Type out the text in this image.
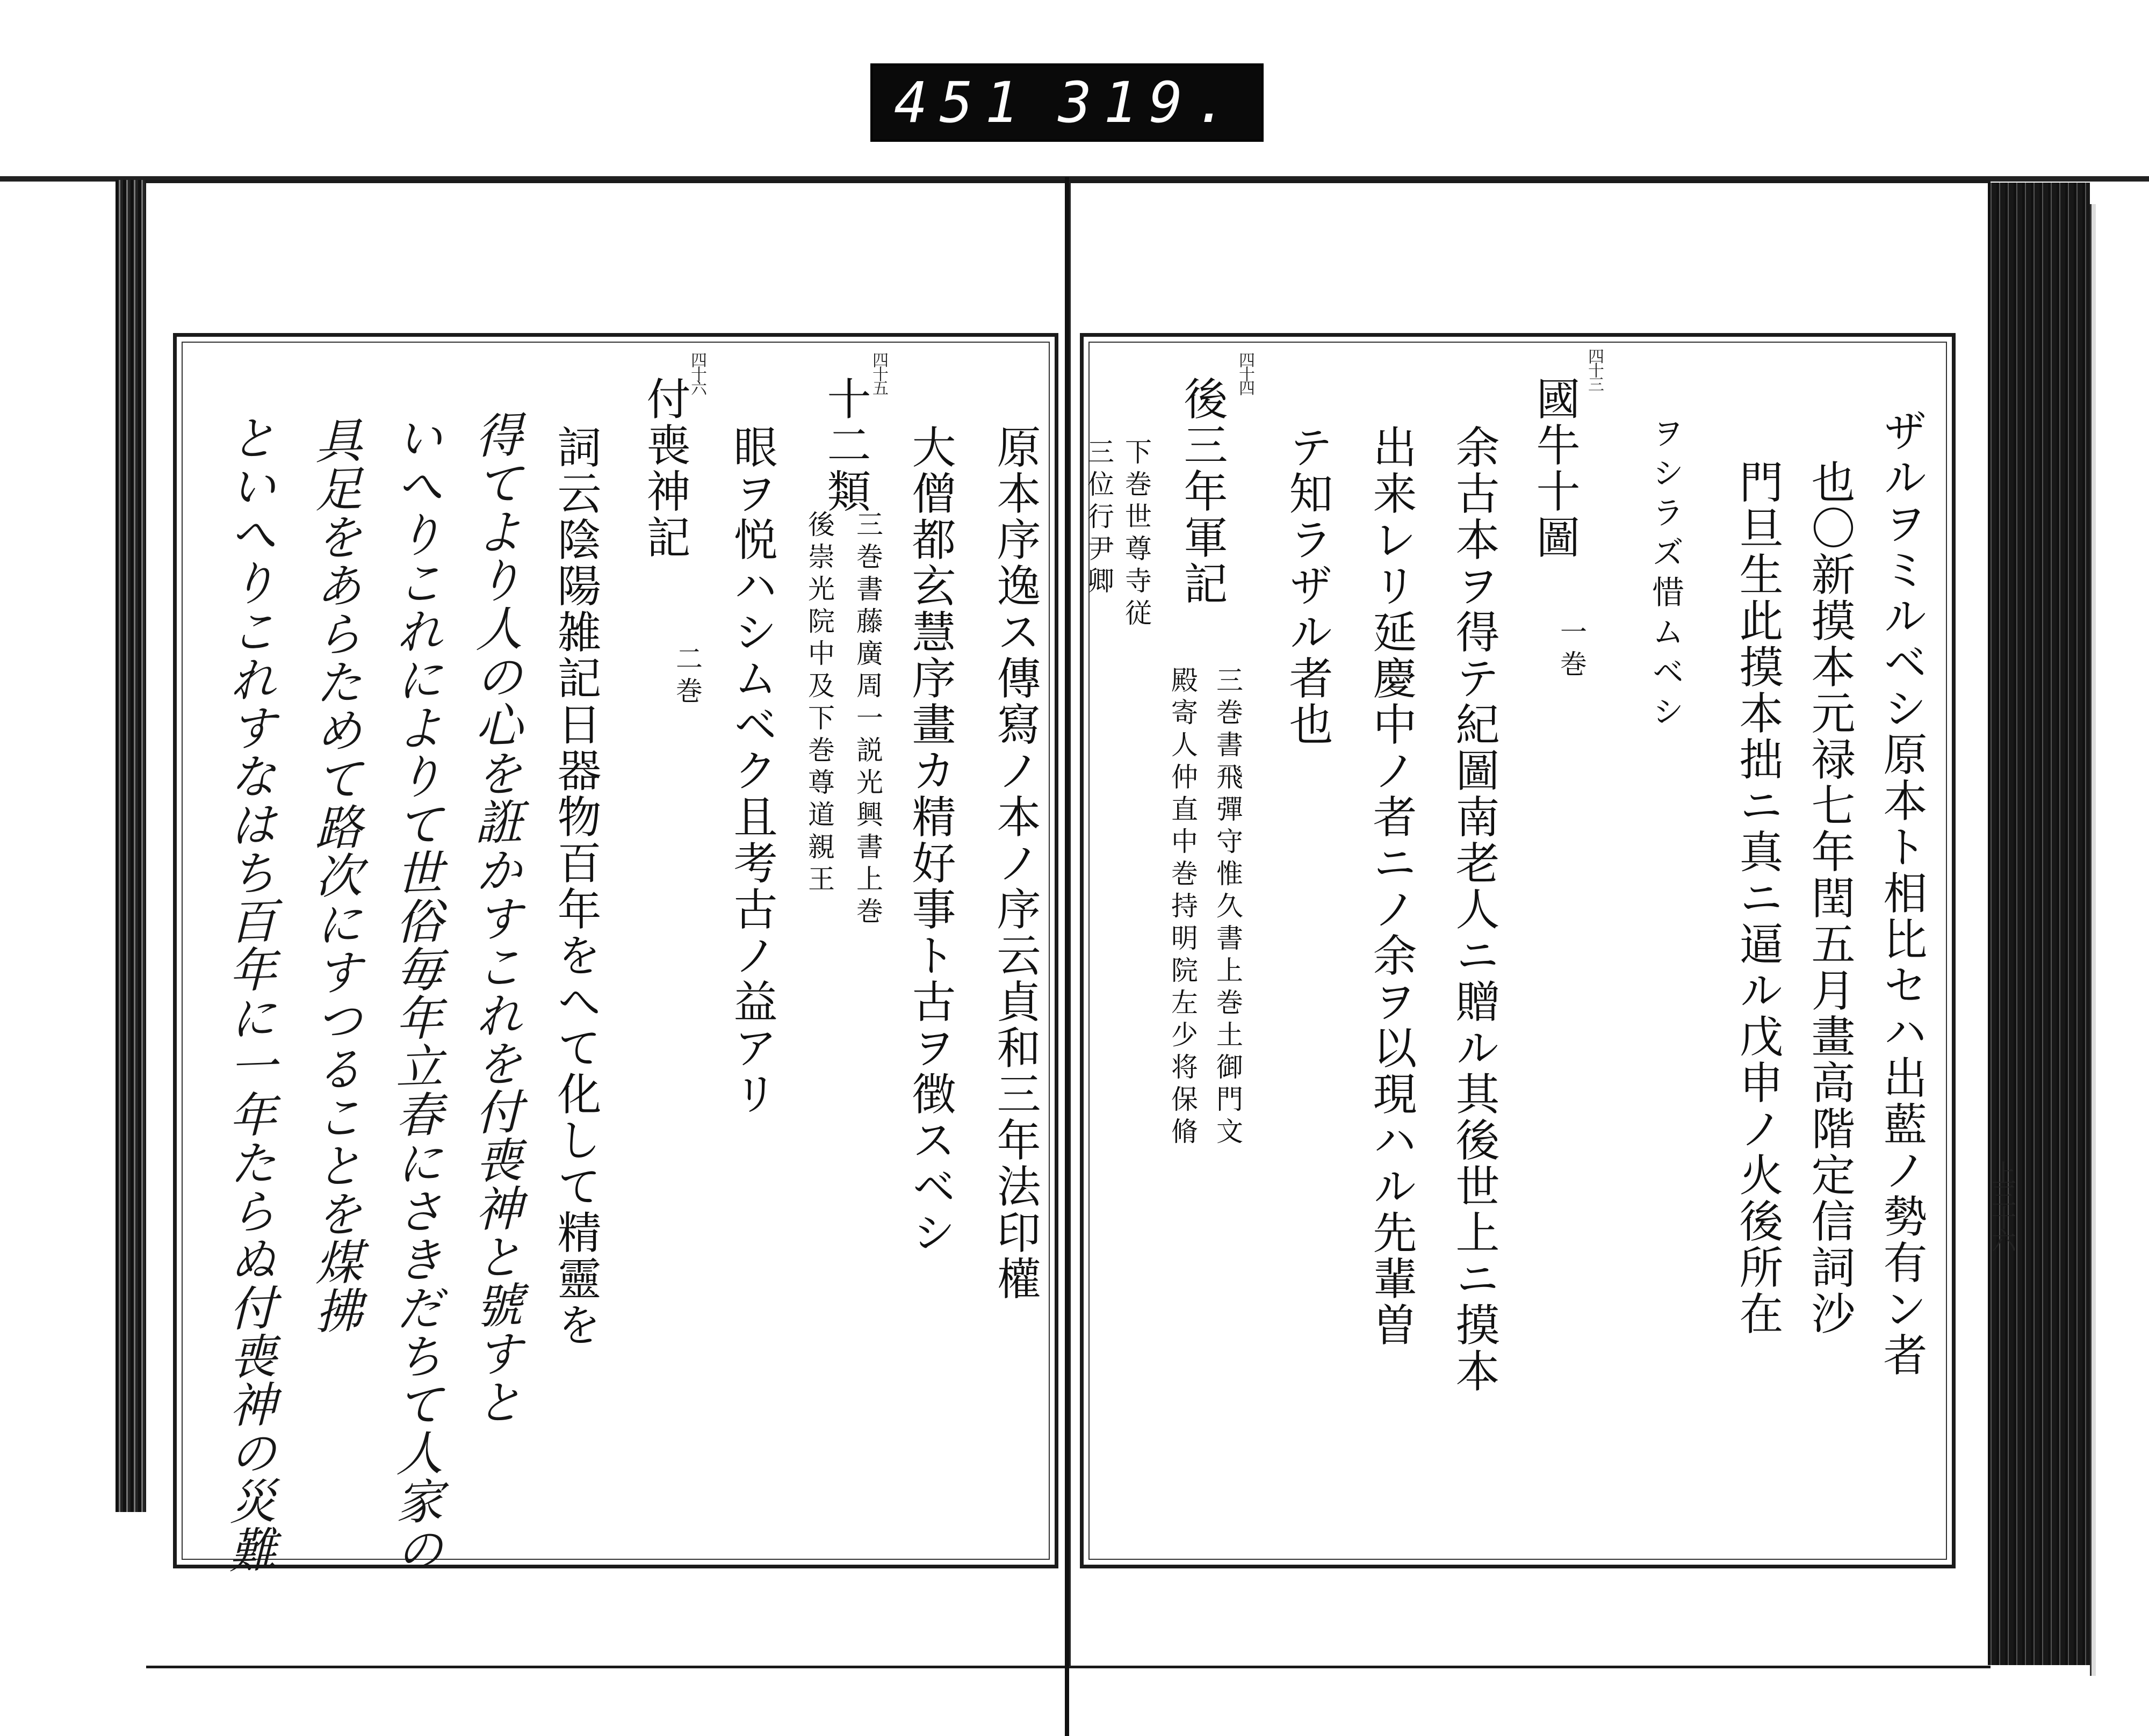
451 319.
上三十六
ザルヲミルベシ原本ト相比セハ出藍ノ勢有ン者
也〇新摸本元禄七年閏五月畫高階定信詞沙
門旦生此摸本拙ニ真ニ逼ル戊申ノ火後所在
ヲシラズ惜ムベシ
四十三
國牛十圖
一巻
余古本ヲ得テ紀圖南老人ニ贈ル其後世上ニ摸本
出来レリ延慶中ノ者ニノ余ヲ以現ハル先輩曽
テ知ラザル者也
四十四
後三年軍記
三巻書飛彈守惟久書上巻土御門文
殿寄人仲直中巻持明院左少将保脩
下巻世尊寺従
三位行尹卿
原本序逸ス傳寫ノ本ノ序云貞和三年法印權
大僧都玄慧序畫カ精好事ト古ヲ徴スベシ
四十五
十二類
三巻書藤廣周一説光興書上巻
後崇光院中及下巻尊道親王
眼ヲ悦ハシムベク且考古ノ益アリ
四十六
付喪神記
二巻
詞云陰陽雑記日器物百年をへて化して精靈を
得てより人の心を誑かすこれを付喪神と號すと
いへりこれによりて世俗毎年立春にさきだちて人家の
具足をあらためて路次にすつることを煤拂
といへりこれすなはち百年に一年たらぬ付喪神の災難
